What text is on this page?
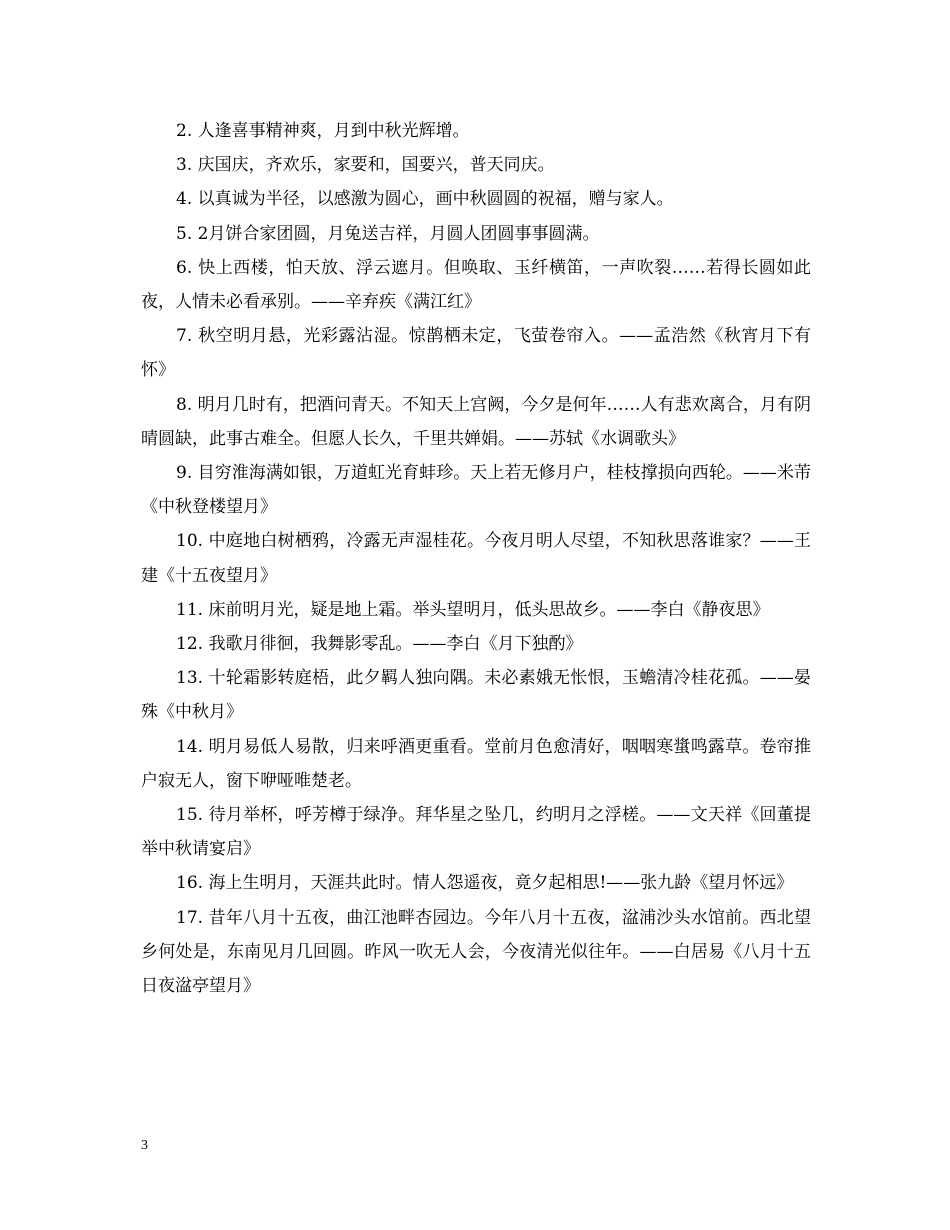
2. 人逢喜事精神爽，月到中秋光辉增。

3. 庆国庆，齐欢乐，家要和，国要兴，普天同庆。

4. 以真诚为半径，以感激为圆心，画中秋圆圆的祝福，赠与家人。

5. 2月饼合家团圆，月兔送吉祥，月圆人团圆事事圆满。

6. 快上西楼，怕天放、浮云遮月。但唤取、玉纤横笛，一声吹裂……若得长圆如此夜，人情未必看承别。——辛弃疾《满江红》

7. 秋空明月悬，光彩露沾湿。惊鹊栖未定，飞萤卷帘入。——孟浩然《秋宵月下有怀》

8. 明月几时有，把酒问青天。不知天上宫阙，今夕是何年……人有悲欢离合，月有阴晴圆缺，此事古难全。但愿人长久，千里共婵娟。——苏轼《水调歌头》

9. 目穷淮海满如银，万道虹光育蚌珍。天上若无修月户，桂枝撑损向西轮。——米芾《中秋登楼望月》

10. 中庭地白树栖鸦，冷露无声湿桂花。今夜月明人尽望，不知秋思落谁家？——王建《十五夜望月》

11. 床前明月光，疑是地上霜。举头望明月，低头思故乡。——李白《静夜思》

12. 我歌月徘徊，我舞影零乱。——李白《月下独酌》

13. 十轮霜影转庭梧，此夕羁人独向隅。未必素娥无怅恨，玉蟾清冷桂花孤。——晏殊《中秋月》

14. 明月易低人易散，归来呼酒更重看。堂前月色愈清好，咽咽寒螀鸣露草。卷帘推户寂无人，窗下咿哑唯楚老。

15. 待月举杯，呼芳樽于绿净。拜华星之坠几，约明月之浮槎。——文天祥《回董提举中秋请宴启》

16. 海上生明月，天涯共此时。情人怨遥夜，竟夕起相思!——张九龄《望月怀远》

17. 昔年八月十五夜，曲江池畔杏园边。今年八月十五夜，湓浦沙头水馆前。西北望乡何处是，东南见月几回圆。昨风一吹无人会，今夜清光似往年。——白居易《八月十五日夜湓亭望月》

3
